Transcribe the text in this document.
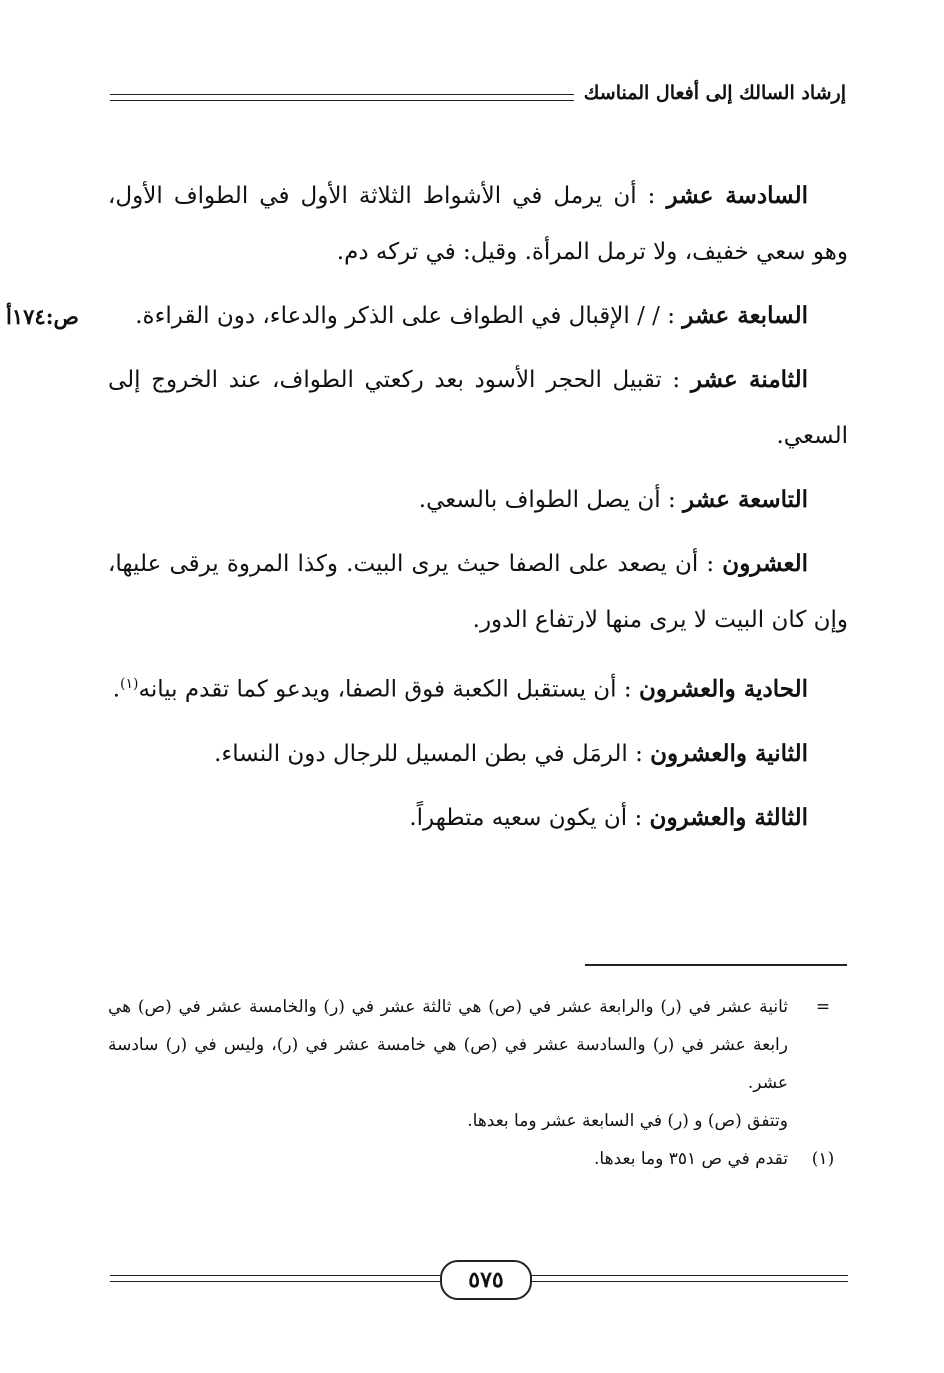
إرشاد السالك إلى أفعال المناسك
ص:١٧٤أ

السادسة عشر : أن يرمل في الأشواط الثلاثة الأول في الطواف الأول، وهو سعي خفيف، ولا ترمل المرأة. وقيل: في تركه دم.

السابعة عشر : / / الإقبال في الطواف على الذكر والدعاء، دون القراءة.

الثامنة عشر : تقبيل الحجر الأسود بعد ركعتي الطواف، عند الخروج إلى السعي.

التاسعة عشر : أن يصل الطواف بالسعي.

العشرون : أن يصعد على الصفا حيث يرى البيت. وكذا المروة يرقى عليها، وإن كان البيت لا يرى منها لارتفاع الدور.

الحادية والعشرون : أن يستقبل الكعبة فوق الصفا، ويدعو كما تقدم بيانه$^{(١)}$.

الثانية والعشرون : الرمَل في بطن المسيل للرجال دون النساء.

الثالثة والعشرون : أن يكون سعيه متطهراً.

=
ثانية عشر في (ر) والرابعة عشر في (ص) هي ثالثة عشر في (ر) والخامسة عشر في (ص) هي رابعة عشر في (ر) والسادسة عشر في (ص) هي خامسة عشر في (ر)، وليس في (ر) سادسة عشر.
وتتفق (ص) و (ر) في السابعة عشر وما بعدها.
(١)
تقدم في ص ٣٥١ وما بعدها.
٥٧٥
